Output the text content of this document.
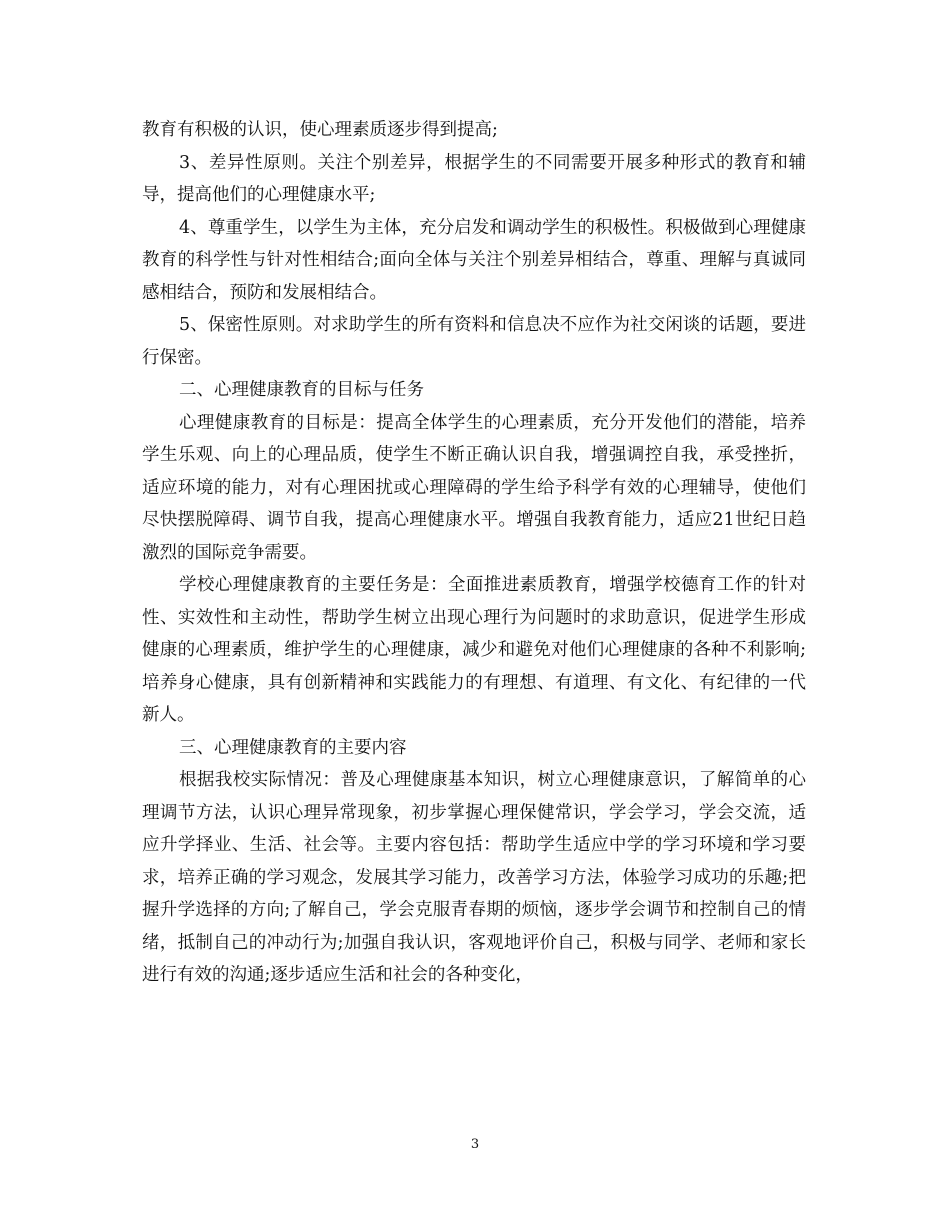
教育有积极的认识，使心理素质逐步得到提高;

3、差异性原则。关注个别差异，根据学生的不同需要开展多种形式的教育和辅导，提高他们的心理健康水平;

4、尊重学生，以学生为主体，充分启发和调动学生的积极性。积极做到心理健康教育的科学性与针对性相结合;面向全体与关注个别差异相结合，尊重、理解与真诚同感相结合，预防和发展相结合。

5、保密性原则。对求助学生的所有资料和信息决不应作为社交闲谈的话题，要进行保密。

二、心理健康教育的目标与任务

心理健康教育的目标是：提高全体学生的心理素质，充分开发他们的潜能，培养学生乐观、向上的心理品质，使学生不断正确认识自我，增强调控自我，承受挫折，适应环境的能力，对有心理困扰或心理障碍的学生给予科学有效的心理辅导，使他们尽快摆脱障碍、调节自我，提高心理健康水平。增强自我教育能力，适应21世纪日趋激烈的国际竞争需要。

学校心理健康教育的主要任务是：全面推进素质教育，增强学校德育工作的针对性、实效性和主动性，帮助学生树立出现心理行为问题时的求助意识，促进学生形成健康的心理素质，维护学生的心理健康，减少和避免对他们心理健康的各种不利影响;培养身心健康，具有创新精神和实践能力的有理想、有道理、有文化、有纪律的一代新人。

三、心理健康教育的主要内容

根据我校实际情况：普及心理健康基本知识，树立心理健康意识，了解简单的心理调节方法，认识心理异常现象，初步掌握心理保健常识，学会学习，学会交流，适应升学择业、生活、社会等。主要内容包括：帮助学生适应中学的学习环境和学习要求，培养正确的学习观念，发展其学习能力，改善学习方法，体验学习成功的乐趣;把握升学选择的方向;了解自己，学会克服青春期的烦恼，逐步学会调节和控制自己的情绪，抵制自己的冲动行为;加强自我认识，客观地评价自己，积极与同学、老师和家长进行有效的沟通;逐步适应生活和社会的各种变化，

3
